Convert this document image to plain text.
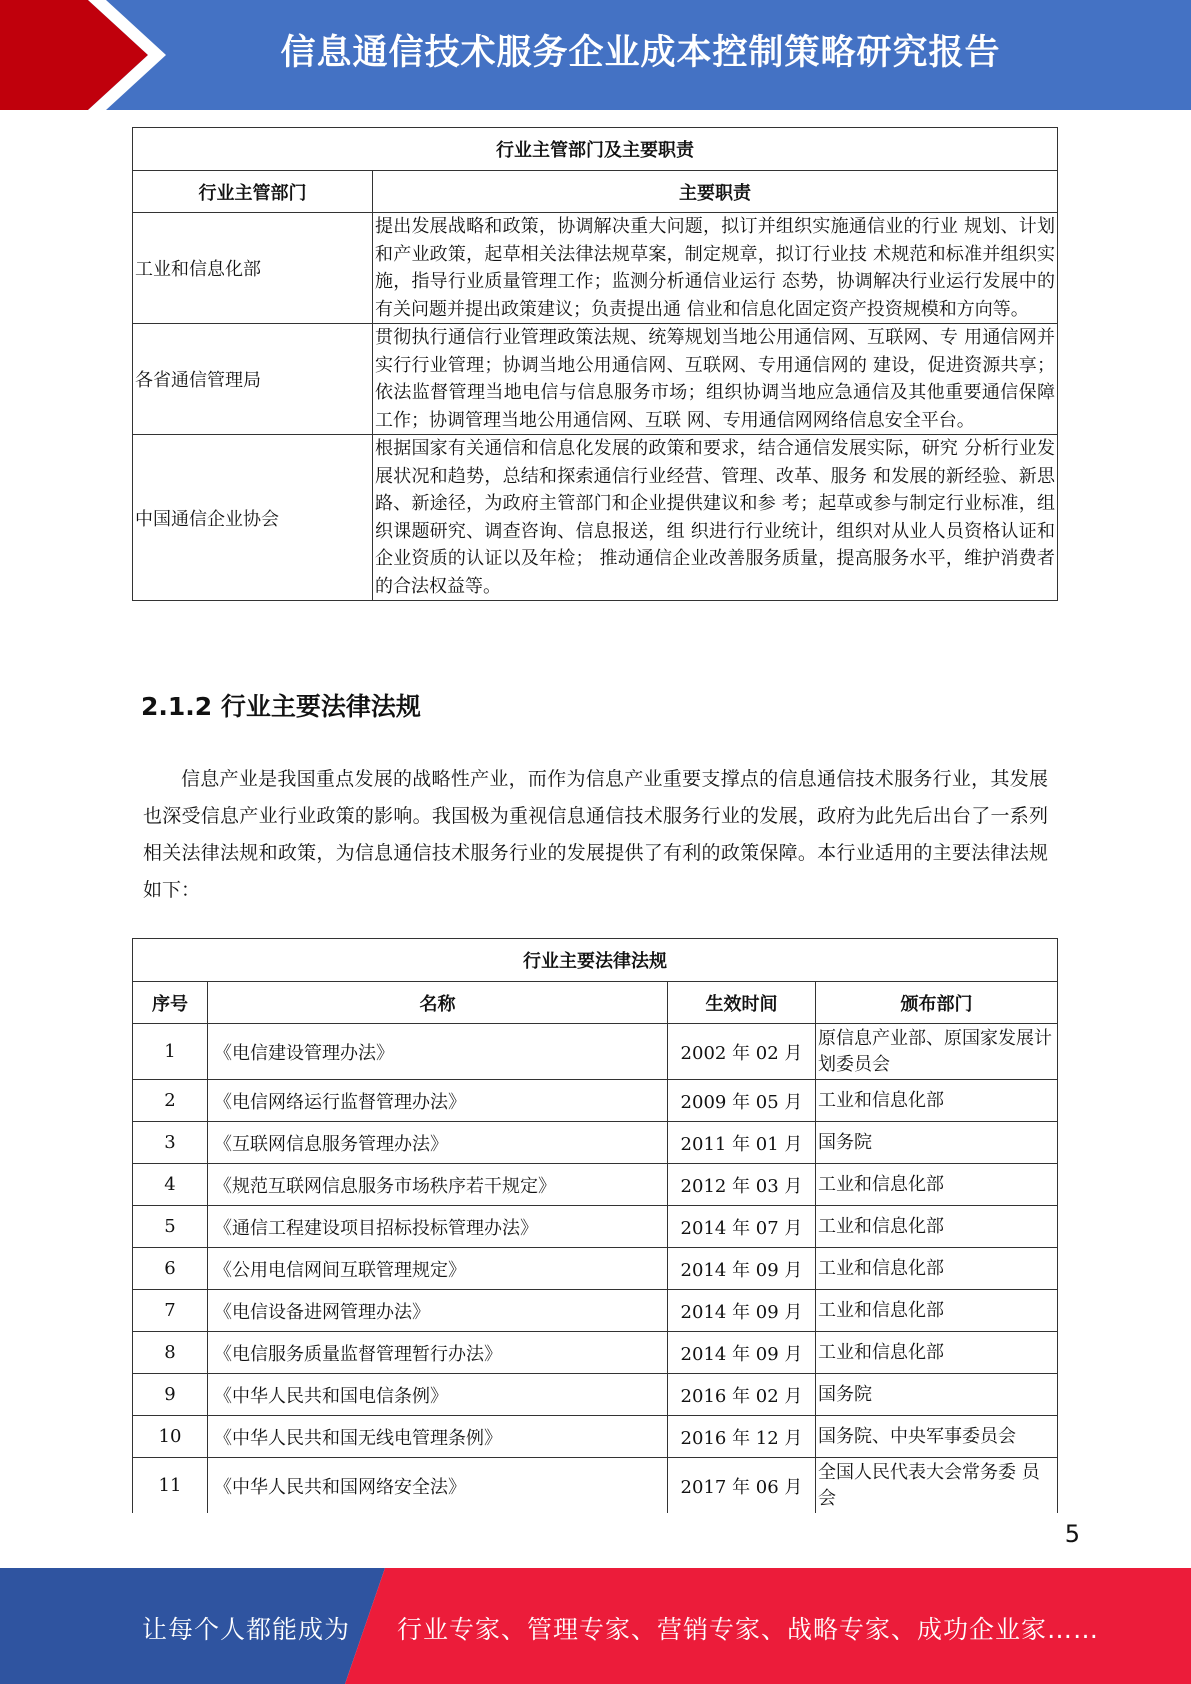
信息通信技术服务企业成本控制策略研究报告
行业主管部门及主要职责	
行业主管部门	主要职责
工业和信息化部	提出发展战略和政策，协调解决重大问题，拟订并组织实施通信业的行业 规划、计划和产业政策，起草相关法律法规草案，制定规章，拟订行业技 术规范和标准并组织实施，指导行业质量管理工作；监测分析通信业运行 态势，协调解决行业运行发展中的有关问题并提出政策建议；负责提出通 信业和信息化固定资产投资规模和方向等。
各省通信管理局	贯彻执行通信行业管理政策法规、统筹规划当地公用通信网、互联网、专 用通信网并实行行业管理；协调当地公用通信网、互联网、专用通信网的 建设，促进资源共享；依法监督管理当地电信与信息服务市场；组织协调当地应急通信及其他重要通信保障工作；协调管理当地公用通信网、互联 网、专用通信网网络信息安全平台。
中国通信企业协会	根据国家有关通信和信息化发展的政策和要求，结合通信发展实际，研究 分析行业发展状况和趋势，总结和探索通信行业经营、管理、改革、服务 和发展的新经验、新思路、新途径，为政府主管部门和企业提供建议和参 考；起草或参与制定行业标准，组织课题研究、调查咨询、信息报送，组 织进行行业统计，组织对从业人员资格认证和企业资质的认证以及年检； 推动通信企业改善服务质量，提高服务水平，维护消费者的合法权益等。
2.1.2 行业主要法律法规

信息产业是我国重点发展的战略性产业，而作为信息产业重要支撑点的信息通信技术服务行业，其发展也深受信息产业行业政策的影响。我国极为重视信息通信技术服务行业的发展，政府为此先后出台了一系列相关法律法规和政策，为信息通信技术服务行业的发展提供了有利的政策保障。本行业适用的主要法律法规如下：

行业主要法律法规			
序号	名称	生效时间	颁布部门
1	《电信建设管理办法》	2002 年 02 月	原信息产业部、原国家发展计划委员会
2	《电信网络运行监督管理办法》	2009 年 05 月	工业和信息化部
3	《互联网信息服务管理办法》	2011 年 01 月	国务院
4	《规范互联网信息服务市场秩序若干规定》	2012 年 03 月	工业和信息化部
5	《通信工程建设项目招标投标管理办法》	2014 年 07 月	工业和信息化部
6	《公用电信网间互联管理规定》	2014 年 09 月	工业和信息化部
7	《电信设备进网管理办法》	2014 年 09 月	工业和信息化部
8	《电信服务质量监督管理暂行办法》	2014 年 09 月	工业和信息化部
9	《中华人民共和国电信条例》	2016 年 02 月	国务院
10	《中华人民共和国无线电管理条例》	2016 年 12 月	国务院、中央军事委员会
11	《中华人民共和国网络安全法》	2017 年 06 月	全国人民代表大会常务委 员会
5
让每个人都能成为 行业专家、管理专家、营销专家、战略专家、成功企业家……
